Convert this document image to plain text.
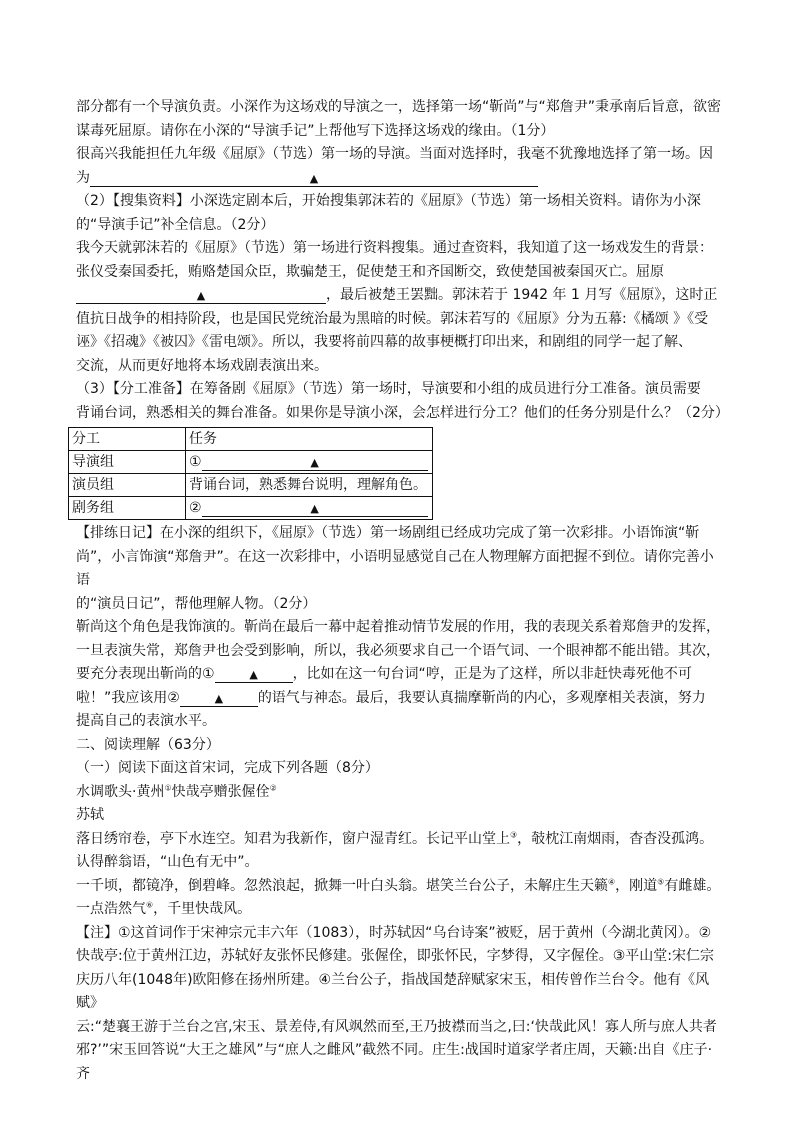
部分都有一个导演负责。小深作为这场戏的导演之一，选择第一场“靳尚”与“郑詹尹”秉承南后旨意，欲密

谋毒死屈原。请你在小深的“导演手记”上帮他写下选择这场戏的缘由。（1分）

很高兴我能担任九年级《屈原》（节选）第一场的导演。当面对选择时，我毫不犹豫地选择了第一场。因

为	▲

（2）【搜集资料】小深选定剧本后，开始搜集郭沫若的《屈原》（节选）第一场相关资料。请你为小深

的“导演手记”补全信息。（2分）

我今天就郭沫若的《屈原》（节选）第一场进行资料搜集。通过查资料，我知道了这一场戏发生的背景：

张仪受秦国委托，贿赂楚国众臣，欺骗楚王，促使楚王和齐国断交，致使楚国被秦国灭亡。屈原

▲	，最后被楚王罢黜。郭沫若于 1942 年 1 月写《屈原》，这时正

值抗日战争的相持阶段，也是国民党统治最为黑暗的时候。郭沫若写的《屈原》分为五幕:《橘颂 》《受

诬》《招魂》《被囚》《雷电颂》。所以，我要将前四幕的故事梗概打印出来，和剧组的同学一起了解、

交流，从而更好地将本场戏剧表演出来。

（3）【分工准备】在筹备剧《屈原》（节选）第一场时，导演要和小组的成员进行分工准备。演员需要

背诵台词，熟悉相关的舞台准备。如果你是导演小深，会怎样进行分工？他们的任务分别是什么？（2分）

分工	任务
导演组	① ▲
演员组	背诵台词，熟悉舞台说明，理解角色。
剧务组	② ▲

【排练日记】在小深的组织下，《屈原》（节选）第一场剧组已经成功完成了第一次彩排。小语饰演“靳

尚”，小言饰演“郑詹尹”。在这一次彩排中，小语明显感觉自己在人物理解方面把握不到位。请你完善小语

的“演员日记”，帮他理解人物。（2分）

靳尚这个角色是我饰演的。靳尚在最后一幕中起着推动情节发展的作用，我的表现关系着郑詹尹的发挥，

一旦表演失常，郑詹尹也会受到影响，所以，我必须要求自己一个语气词、一个眼神都不能出错。其次，

要充分表现出靳尚的①	▲ ，比如在这一句台词“哼，正是为了这样，所以非赶快毒死他不可

啦！”我应该用②	▲ 的语气与神态。最后，我要认真揣摩靳尚的内心，多观摩相关表演，努力

提高自己的表演水平。

二、阅读理解（63分）

（一）阅读下面这首宋词，完成下列各题（8分）

水调歌头·黄州①快哉亭赠张偓佺②

苏轼

落日绣帘卷，亭下水连空。知君为我新作，窗户湿青红。长记平山堂上③，攲枕江南烟雨，杳杳没孤鸿。

认得醉翁语，“山色有无中”。

一千顷，都镜净，倒碧峰。忽然浪起，掀舞一叶白头翁。堪笑兰台公子，未解庄生天籁④，刚道⑤有雌雄。

一点浩然气⑥，千里快哉风。

【注】①这首词作于宋神宗元丰六年（1083），时苏轼因“乌台诗案”被贬，居于黄州（今湖北黄冈）。②

快哉亭:位于黄州江边，苏轼好友张怀民修建。张偓佺，即张怀民，字梦得，又字偓佺。③平山堂:宋仁宗

庆历八年(1048年)欧阳修在扬州所建。④兰台公子，指战国楚辞赋家宋玉，相传曾作兰台令。他有《风赋》

云:“楚襄王游于兰台之宫,宋玉、景差侍,有风飒然而至,王乃披襟而当之,曰:‘快哉此风！寡人所与庶人共者

邪?’”宋玉回答说“大王之雄风”与“庶人之雌风”截然不同。庄生:战国时道家学者庄周，天籁:出自《庄子·齐
